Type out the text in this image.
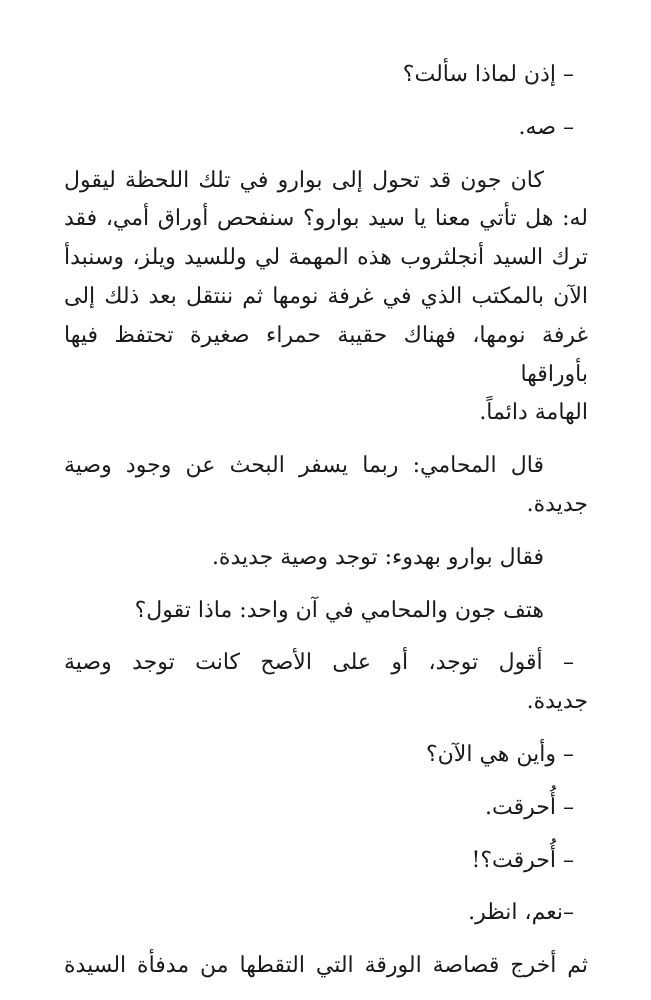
– إذن لماذا سألت؟

– صه.

كان جون قد تحول إلى بوارو في تلك اللحظة ليقول
له: هل تأتي معنا يا سيد بوارو؟ سنفحص أوراق أمي، فقد
ترك السيد أنجلثروب هذه المهمة لي وللسيد ويلز، وسنبدأ
الآن بالمكتب الذي في غرفة نومها ثم ننتقل بعد ذلك إلى
غرفة نومها، فهناك حقيبة حمراء صغيرة تحتفظ فيها بأوراقها
الهامة دائماً.

قال المحامي: ربما يسفر البحث عن وجود وصية
جديدة.

فقال بوارو بهدوء: توجد وصية جديدة.

هتف جون والمحامي في آن واحد: ماذا تقول؟

– أقول توجد، أو على الأصح كانت توجد وصية
جديدة.

– وأين هي الآن؟

– أُحرقت.

– أُحرقت؟!

–نعم، انظر.

ثم أخرج قصاصة الورقة التي التقطها من مدفأة السيدة
